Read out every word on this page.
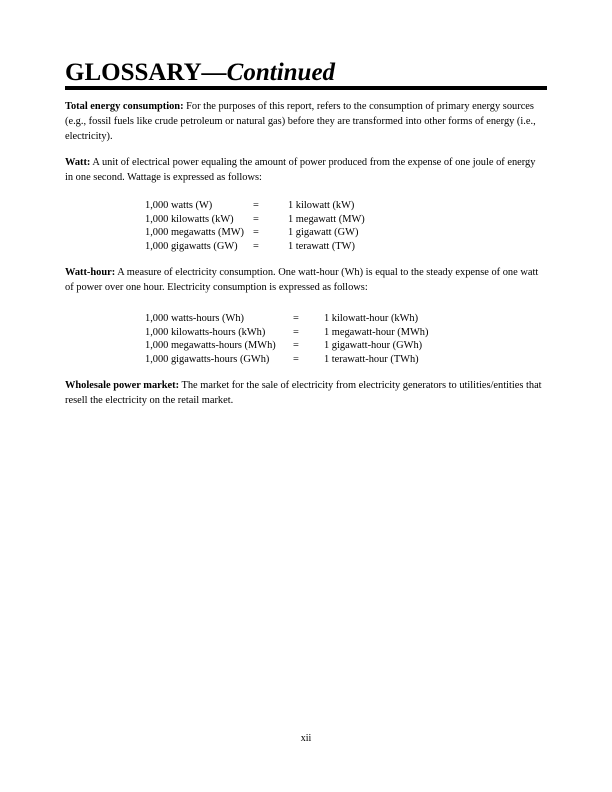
GLOSSARY—Continued

Total energy consumption: For the purposes of this report, refers to the consumption of primary energy sources (e.g., fossil fuels like crude petroleum or natural gas) before they are transformed into other forms of energy (i.e., electricity).

Watt: A unit of electrical power equaling the amount of power produced from the expense of one joule of energy in one second. Wattage is expressed as follows:

1,000 watts (W)	=	1 kilowatt (kW)
1,000 kilowatts (kW)	=	1 megawatt (MW)
1,000 megawatts (MW)	=	1 gigawatt (GW)
1,000 gigawatts (GW)	=	1 terawatt (TW)

Watt-hour: A measure of electricity consumption. One watt-hour (Wh) is equal to the steady expense of one watt of power over one hour. Electricity consumption is expressed as follows:

1,000 watts-hours (Wh)	=	1 kilowatt-hour (kWh)
1,000 kilowatts-hours (kWh)	=	1 megawatt-hour (MWh)
1,000 megawatts-hours (MWh)	=	1 gigawatt-hour (GWh)
1,000 gigawatts-hours (GWh)	=	1 terawatt-hour (TWh)

Wholesale power market: The market for the sale of electricity from electricity generators to utilities/entities that resell the electricity on the retail market.

xii
